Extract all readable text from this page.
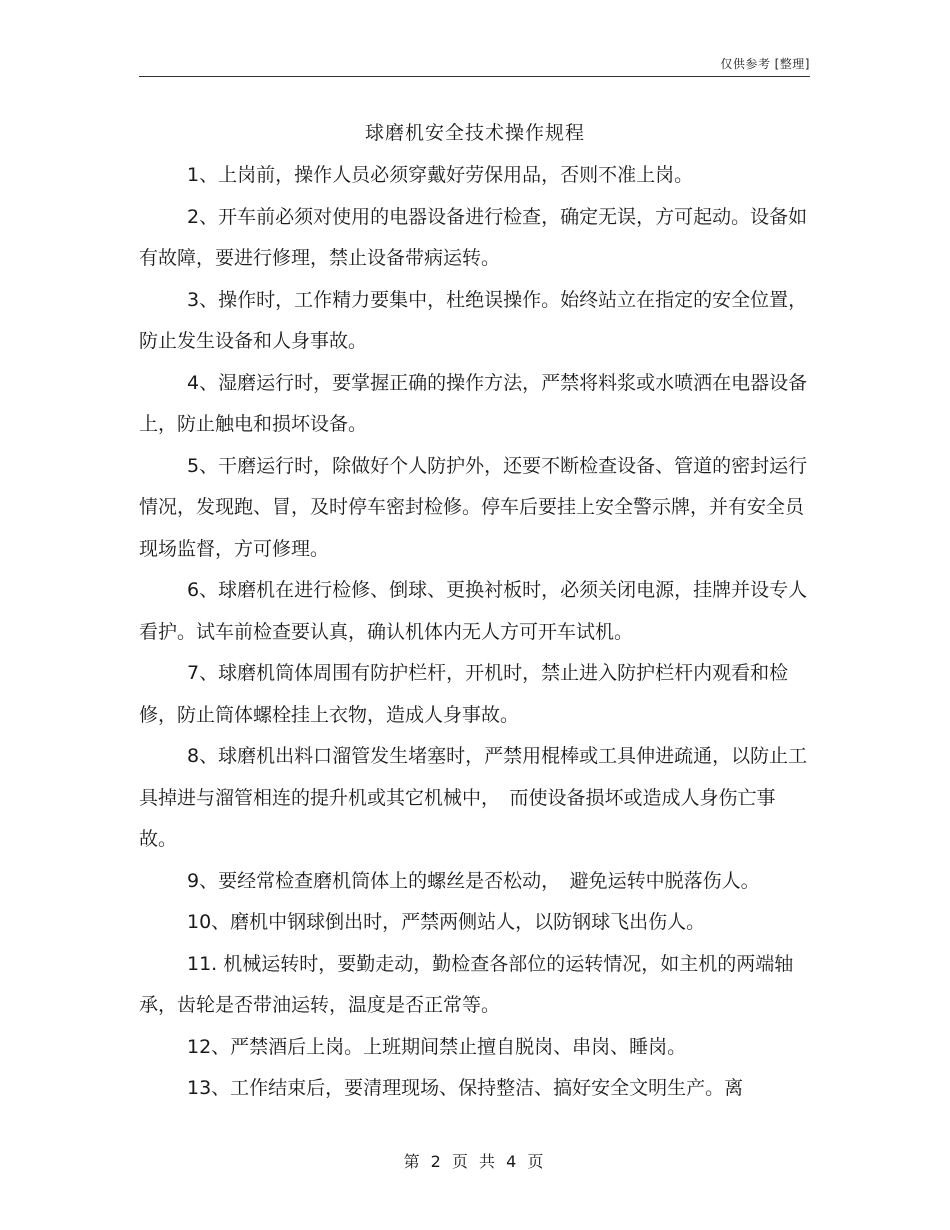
仅供参考 [整理]
球磨机安全技术操作规程

1、上岗前，操作人员必须穿戴好劳保用品，否则不准上岗。

2、开车前必须对使用的电器设备进行检查，确定无误，方可起动。设备如有故障，要进行修理，禁止设备带病运转。

3、操作时，工作精力要集中，杜绝误操作。始终站立在指定的安全位置，防止发生设备和人身事故。

4、湿磨运行时，要掌握正确的操作方法，严禁将料浆或水喷洒在电器设备上，防止触电和损坏设备。

5、干磨运行时，除做好个人防护外，还要不断检查设备、管道的密封运行情况，发现跑、冒，及时停车密封检修。停车后要挂上安全警示牌，并有安全员现场监督，方可修理。

6、球磨机在进行检修、倒球、更换衬板时，必须关闭电源，挂牌并设专人看护。试车前检查要认真，确认机体内无人方可开车试机。

7、球磨机筒体周围有防护栏杆，开机时，禁止进入防护栏杆内观看和检修，防止筒体螺栓挂上衣物，造成人身事故。

8、球磨机出料口溜管发生堵塞时，严禁用棍棒或工具伸进疏通，以防止工具掉进与溜管相连的提升机或其它机械中，　而使设备损坏或造成人身伤亡事故。

9、要经常检查磨机筒体上的螺丝是否松动，　避免运转中脱落伤人。

10、磨机中钢球倒出时，严禁两侧站人，以防钢球飞出伤人。

11. 机械运转时，要勤走动，勤检查各部位的运转情况，如主机的两端轴承，齿轮是否带油运转，温度是否正常等。

12、严禁酒后上岗。上班期间禁止擅自脱岗、串岗、睡岗。

13、工作结束后，要清理现场、保持整洁、搞好安全文明生产。离

第 2 页 共 4 页
